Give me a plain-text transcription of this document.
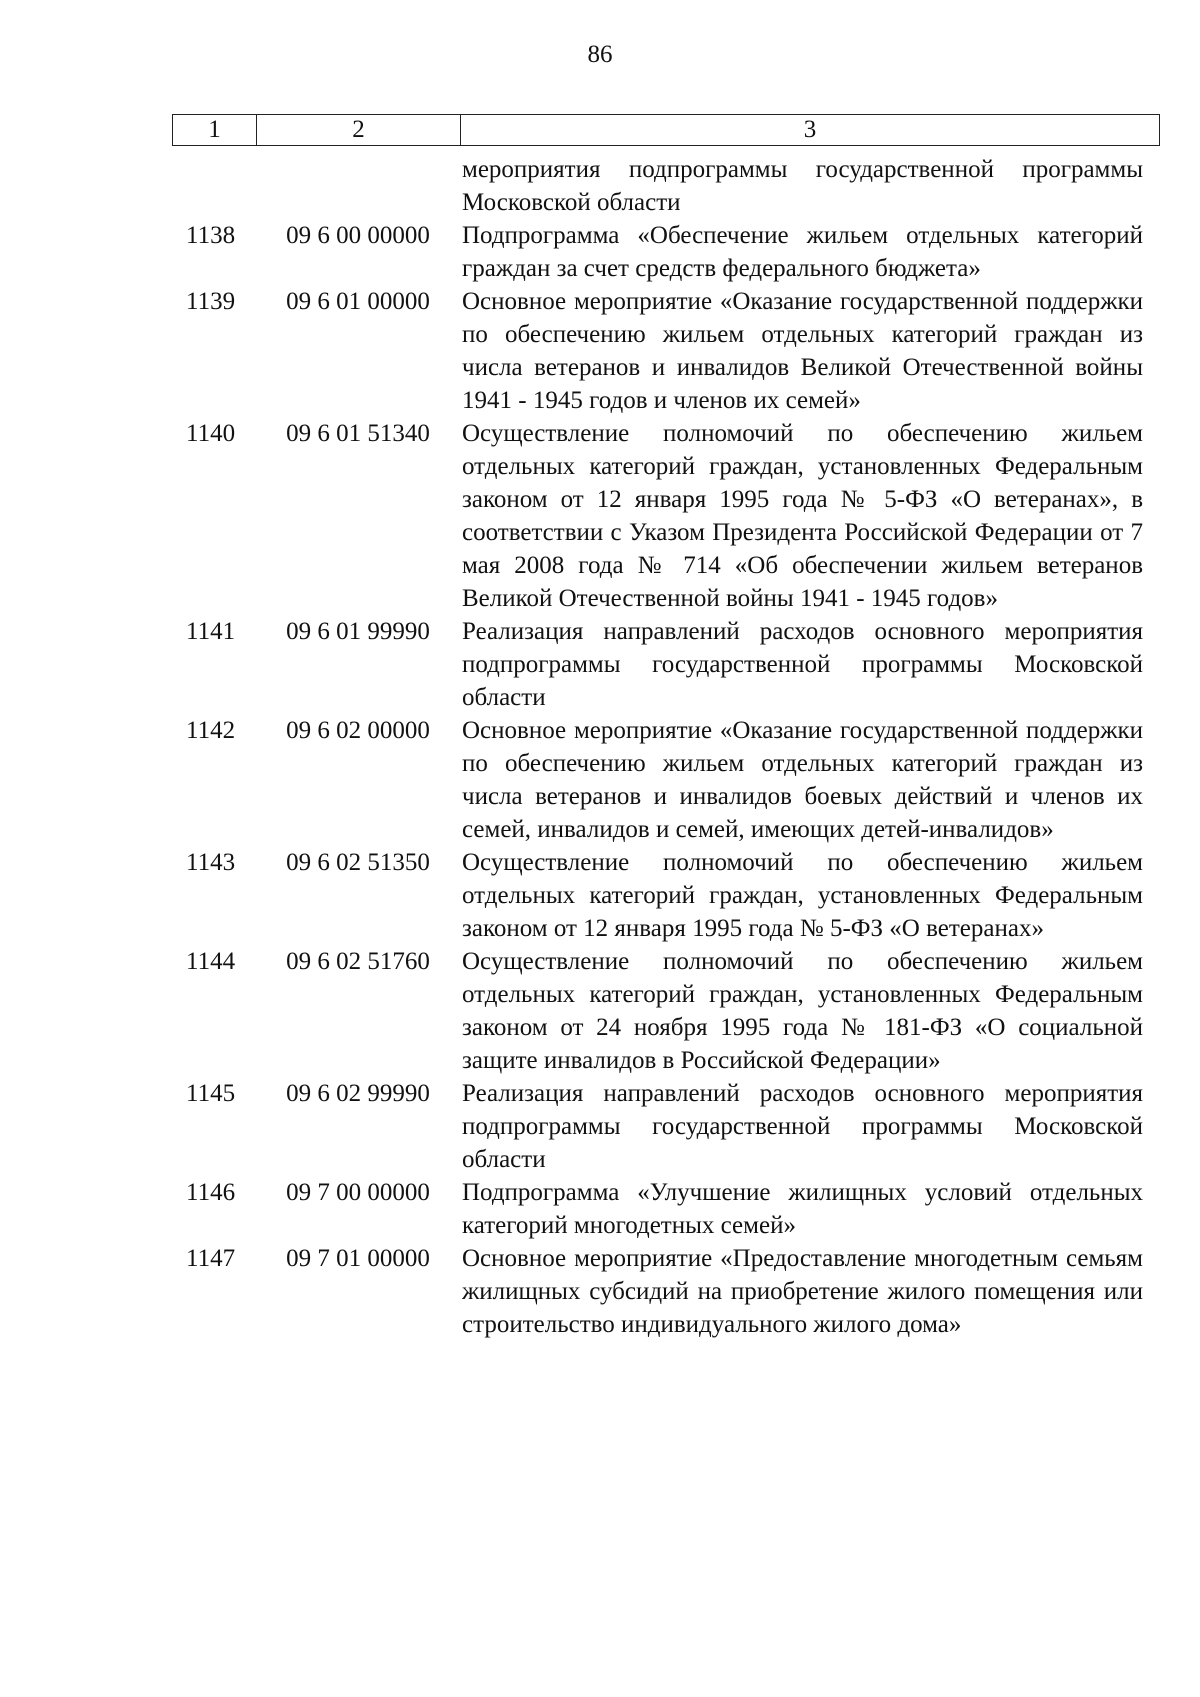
86
1	2	3
мероприятия подпрограммы государственной программы Московской области
1138	09 6 00 00000	Подпрограмма «Обеспечение жильем отдельных категорий граждан за счет средств федерального бюджета»
1139	09 6 01 00000	Основное мероприятие «Оказание государственной поддержки по обеспечению жильем отдельных категорий граждан из числа ветеранов и инвалидов Великой Отечественной войны 1941 - 1945 годов и членов их семей»
1140	09 6 01 51340	Осуществление полномочий по обеспечению жильем отдельных категорий граждан, установленных Федеральным законом от 12 января 1995 года № 5-ФЗ «О ветеранах», в соответствии с Указом Президента Российской Федерации от 7 мая 2008 года № 714 «Об обеспечении жильем ветеранов Великой Отечественной войны 1941 - 1945 годов»
1141	09 6 01 99990	Реализация направлений расходов основного мероприятия подпрограммы государственной программы Московской области
1142	09 6 02 00000	Основное мероприятие «Оказание государственной поддержки по обеспечению жильем отдельных категорий граждан из числа ветеранов и инвалидов боевых действий и членов их семей, инвалидов и семей, имеющих детей-инвалидов»
1143	09 6 02 51350	Осуществление полномочий по обеспечению жильем отдельных категорий граждан, установленных Федеральным законом от 12 января 1995 года № 5-ФЗ «О ветеранах»
1144	09 6 02 51760	Осуществление полномочий по обеспечению жильем отдельных категорий граждан, установленных Федеральным законом от 24 ноября 1995 года № 181-ФЗ «О социальной защите инвалидов в Российской Федерации»
1145	09 6 02 99990	Реализация направлений расходов основного мероприятия подпрограммы государственной программы Московской области
1146	09 7 00 00000	Подпрограмма «Улучшение жилищных условий отдельных категорий многодетных семей»
1147	09 7 01 00000	Основное мероприятие «Предоставление многодетным семьям жилищных субсидий на приобретение жилого помещения или строительство индивидуального жилого дома»
